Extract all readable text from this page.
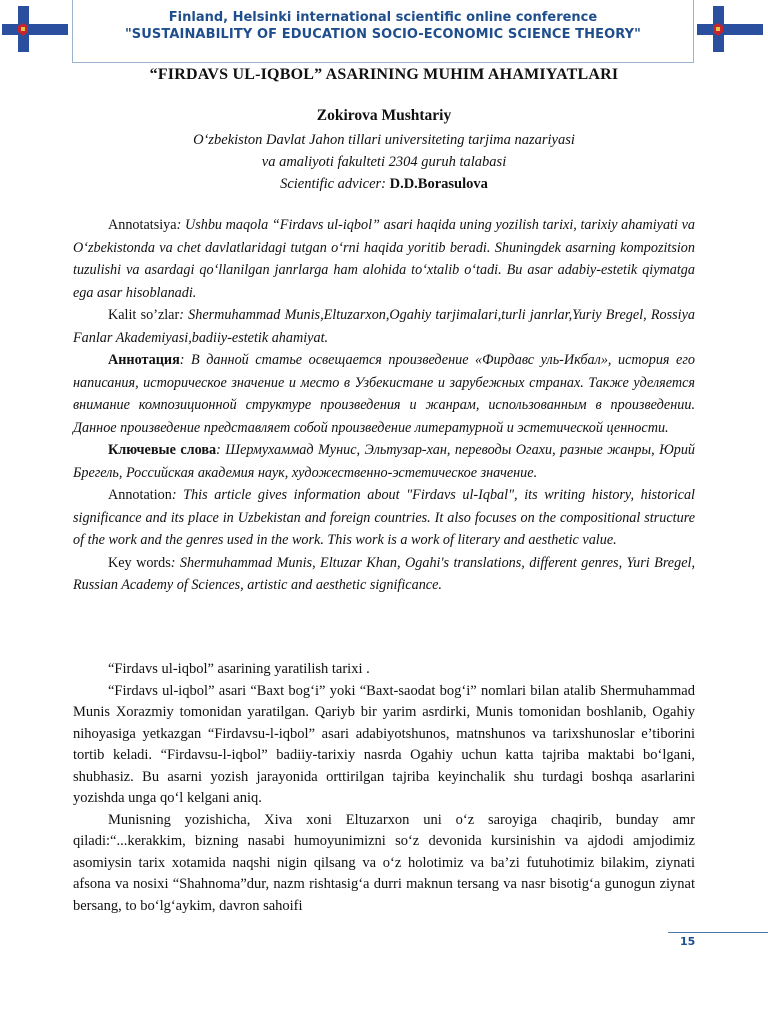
Finland, Helsinki international scientific online conference
"SUSTAINABILITY OF EDUCATION SOCIO-ECONOMIC SCIENCE THEORY"
“FIRDAVS UL-IQBOL” ASARINING MUHIM AHAMIYATLARI
Zokirova Mushtariy
O‘zbekiston Davlat Jahon tillari universiteting tarjima nazariyasi
va amaliyoti fakulteti 2304 guruh talabasi
Scientific advicer: D.D.Borasulova

Annotatsiya: Ushbu maqola “Firdavs ul-iqbol” asari haqida uning yozilish tarixi, tarixiy ahamiyati va O‘zbekistonda va chet davlatlaridagi tutgan o‘rni haqida yoritib beradi. Shuningdek asarning kompozitsion tuzulishi va asardagi qo‘llanilgan janrlarga ham alohida to‘xtalib o‘tadi. Bu asar adabiy-estetik qiymatga ega asar hisoblanadi.

Kalit so’zlar: Shermuhammad Munis,Eltuzarxon,Ogahiy tarjimalari,turli janrlar,Yuriy Bregel, Rossiya Fanlar Akademiyasi,badiiy-estetik ahamiyat.

Аннотация: В данной статье освещается произведение «Фирдавс уль-Икбал», история его написания, историческое значение и место в Узбекистане и зарубежных странах. Также уделяется внимание композиционной структуре произведения и жанрам, использованным в произведении. Данное произведение представляет собой произведение литературной и эстетической ценности.

Ключевые слова: Шермухаммад Мунис, Эльтузар-хан, переводы Огахи, разные жанры, Юрий Брегель, Российская академия наук, художественно-эстетическое значение.

Annotation: This article gives information about "Firdavs ul-Iqbal", its writing history, historical significance and its place in Uzbekistan and foreign countries. It also focuses on the compositional structure of the work and the genres used in the work. This work is a work of literary and aesthetic value.

Key words: Shermuhammad Munis, Eltuzar Khan, Ogahi's translations, different genres, Yuri Bregel, Russian Academy of Sciences, artistic and aesthetic significance.

“Firdavs ul-iqbol” asarining yaratilish tarixi .

“Firdavs ul-iqbol” asari “Baxt bog‘i” yoki “Baxt-saodat bog‘i” nomlari bilan atalib Shermuhammad Munis Xorazmiy tomonidan yaratilgan. Qariyb bir yarim asrdirki, Munis tomonidan boshlanib, Ogahiy nihoyasiga yetkazgan “Firdavsu-l-iqbol” asari adabiyotshunos, matnshunos va tarixshunoslar e’tiborini tortib keladi. “Firdavsu-l-iqbol” badiiy-tarixiy nasrda Ogahiy uchun katta tajriba maktabi bo‘lgani, shubhasiz. Bu asarni yozish jarayonida orttirilgan tajriba keyinchalik shu turdagi boshqa asarlarini yozishda unga qo‘l kelgani aniq.

Munisning yozishicha, Xiva xoni Eltuzarxon uni o‘z saroyiga chaqirib, bunday amr qiladi:“...kerakkim, bizning nasabi humoyunimizni so‘z devonida kursinishin va ajdodi amjodimiz asomiysin tarix xotamida naqshi nigin qilsang va o‘z holotimiz va ba’zi futuhotimiz bilakim, ziynati afsona va nosixi “Shahnoma”dur, nazm rishtasig‘a durri maknun tersang va nasr bisotig‘a gunogun ziynat bersang, to bo‘lg‘aykim, davron sahoifi

15
